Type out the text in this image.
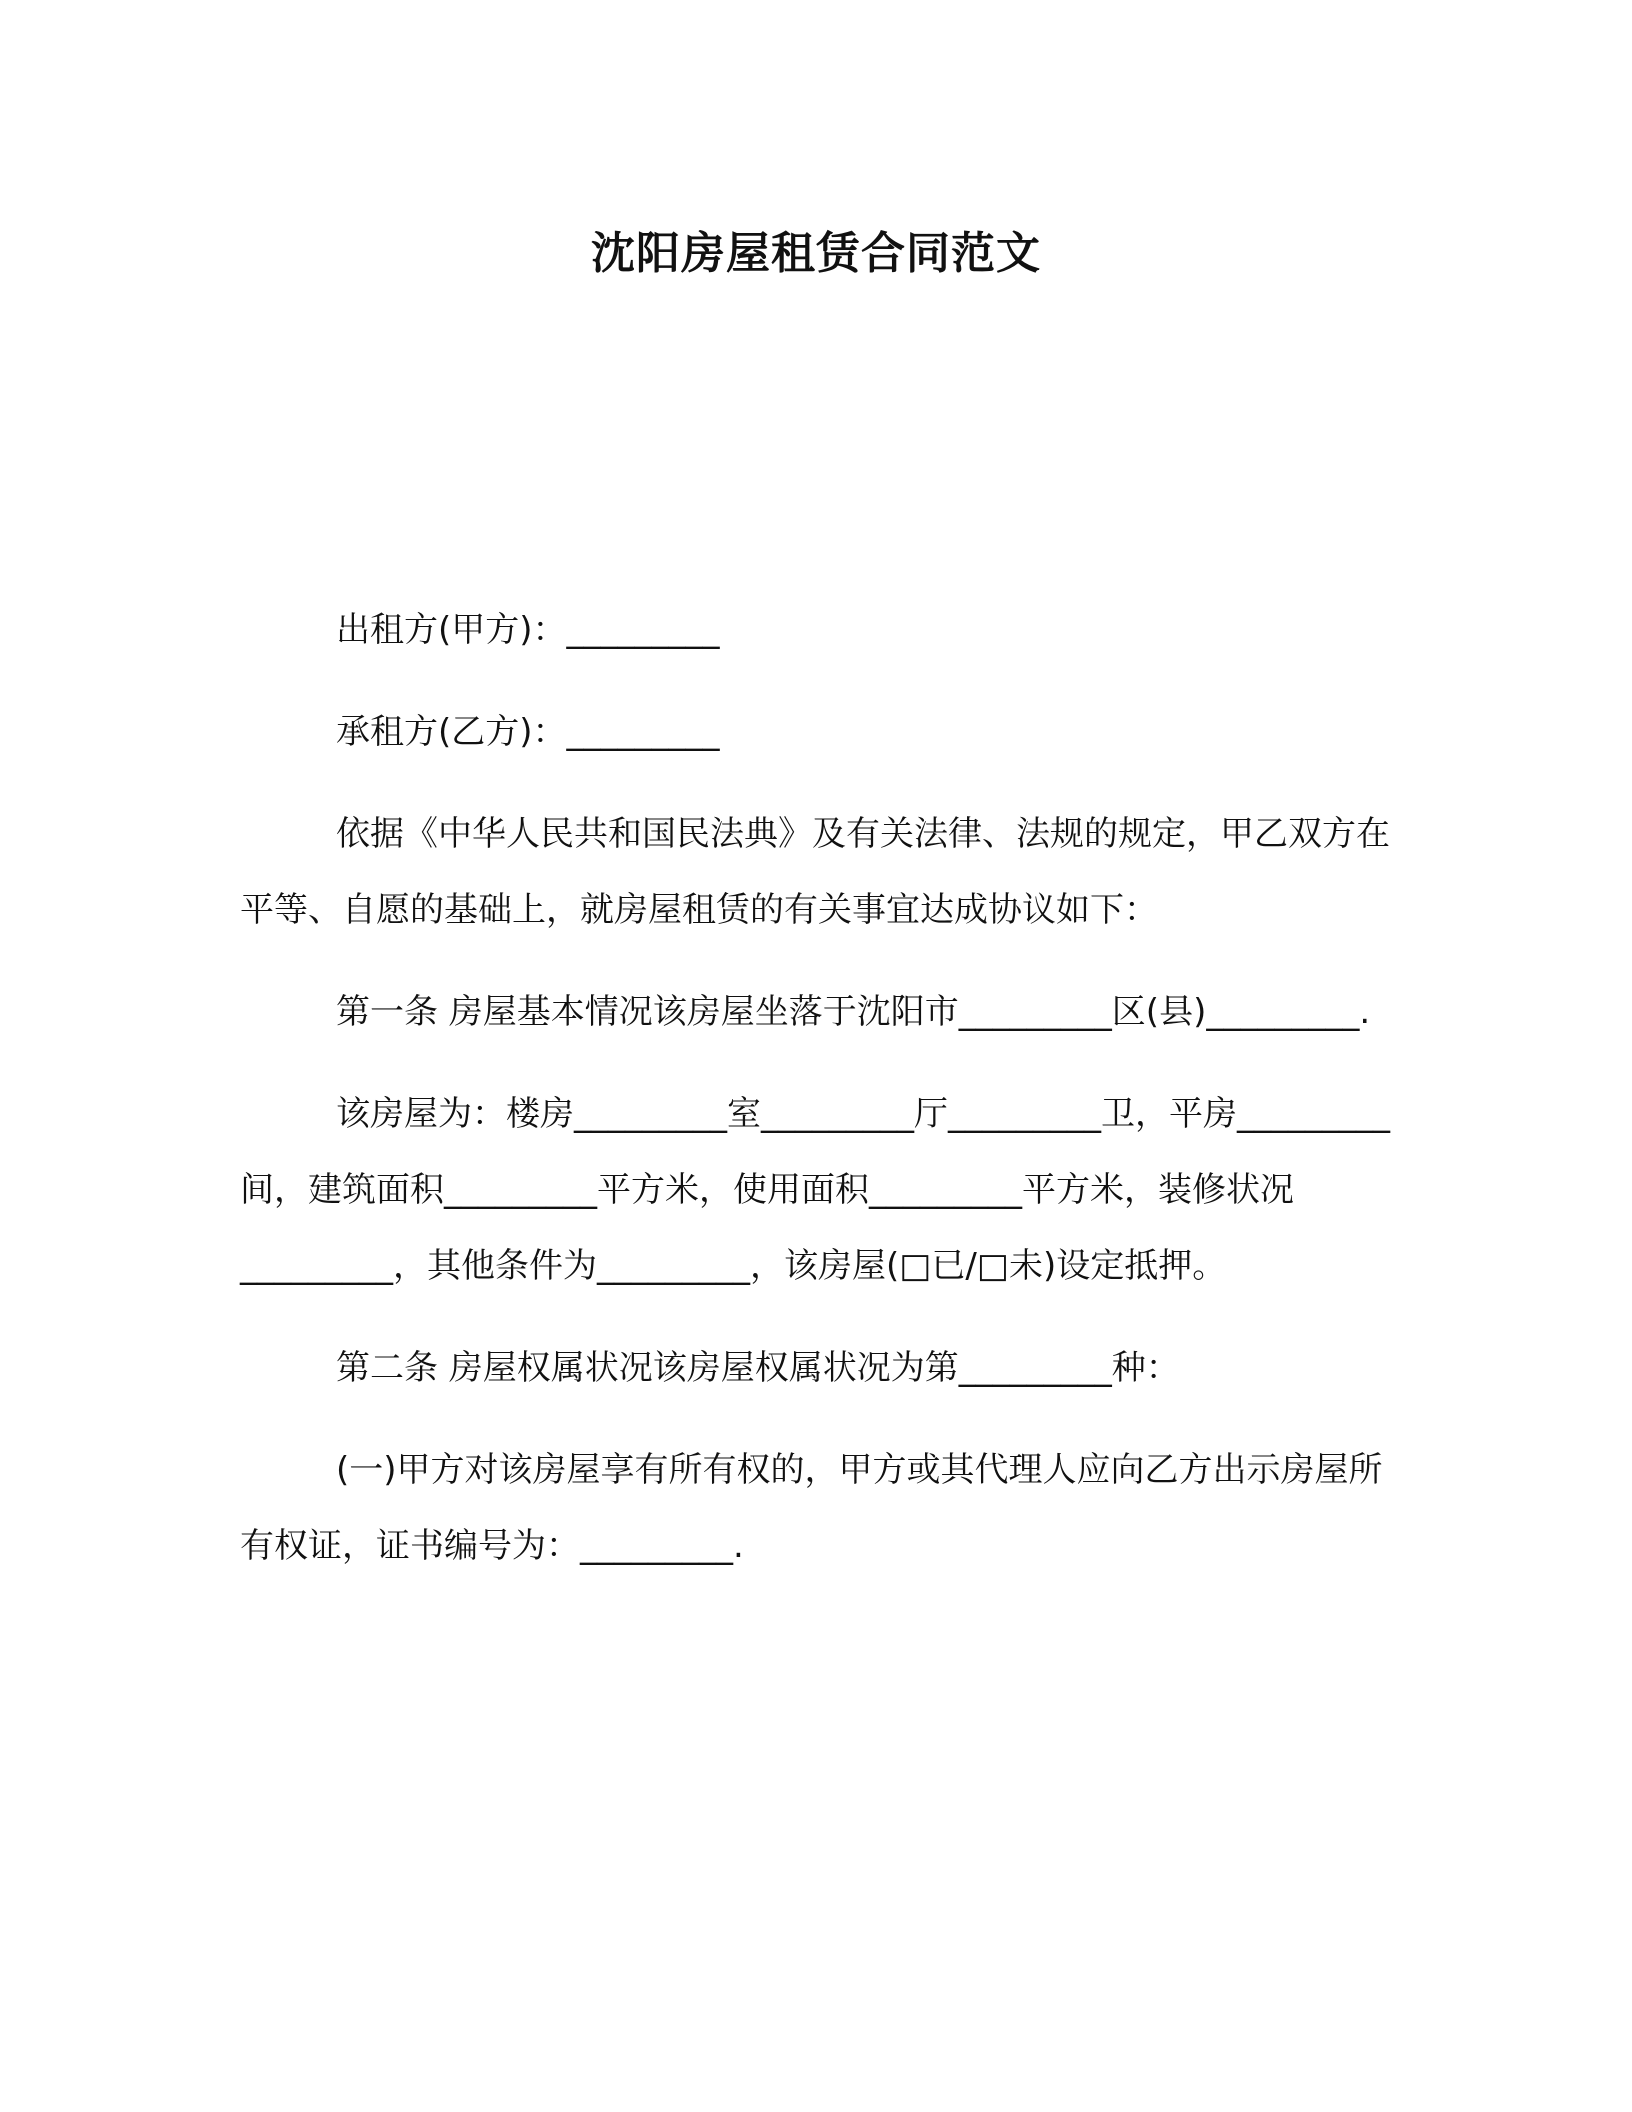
沈阳房屋租赁合同范文

出租方(甲方)：_________

承租方(乙方)：_________

依据《中华人民共和国民法典》及有关法律、法规的规定，甲乙双方在平等、自愿的基础上，就房屋租赁的有关事宜达成协议如下：

第一条 房屋基本情况该房屋坐落于沈阳市_________区(县)_________.

该房屋为：楼房_________室_________厅_________卫，平房_________间，建筑面积_________平方米，使用面积_________平方米，装修状况_________，其他条件为_________，该房屋(□已/□未)设定抵押。

第二条 房屋权属状况该房屋权属状况为第_________种：

(一)甲方对该房屋享有所有权的，甲方或其代理人应向乙方出示房屋所有权证，证书编号为：_________.
